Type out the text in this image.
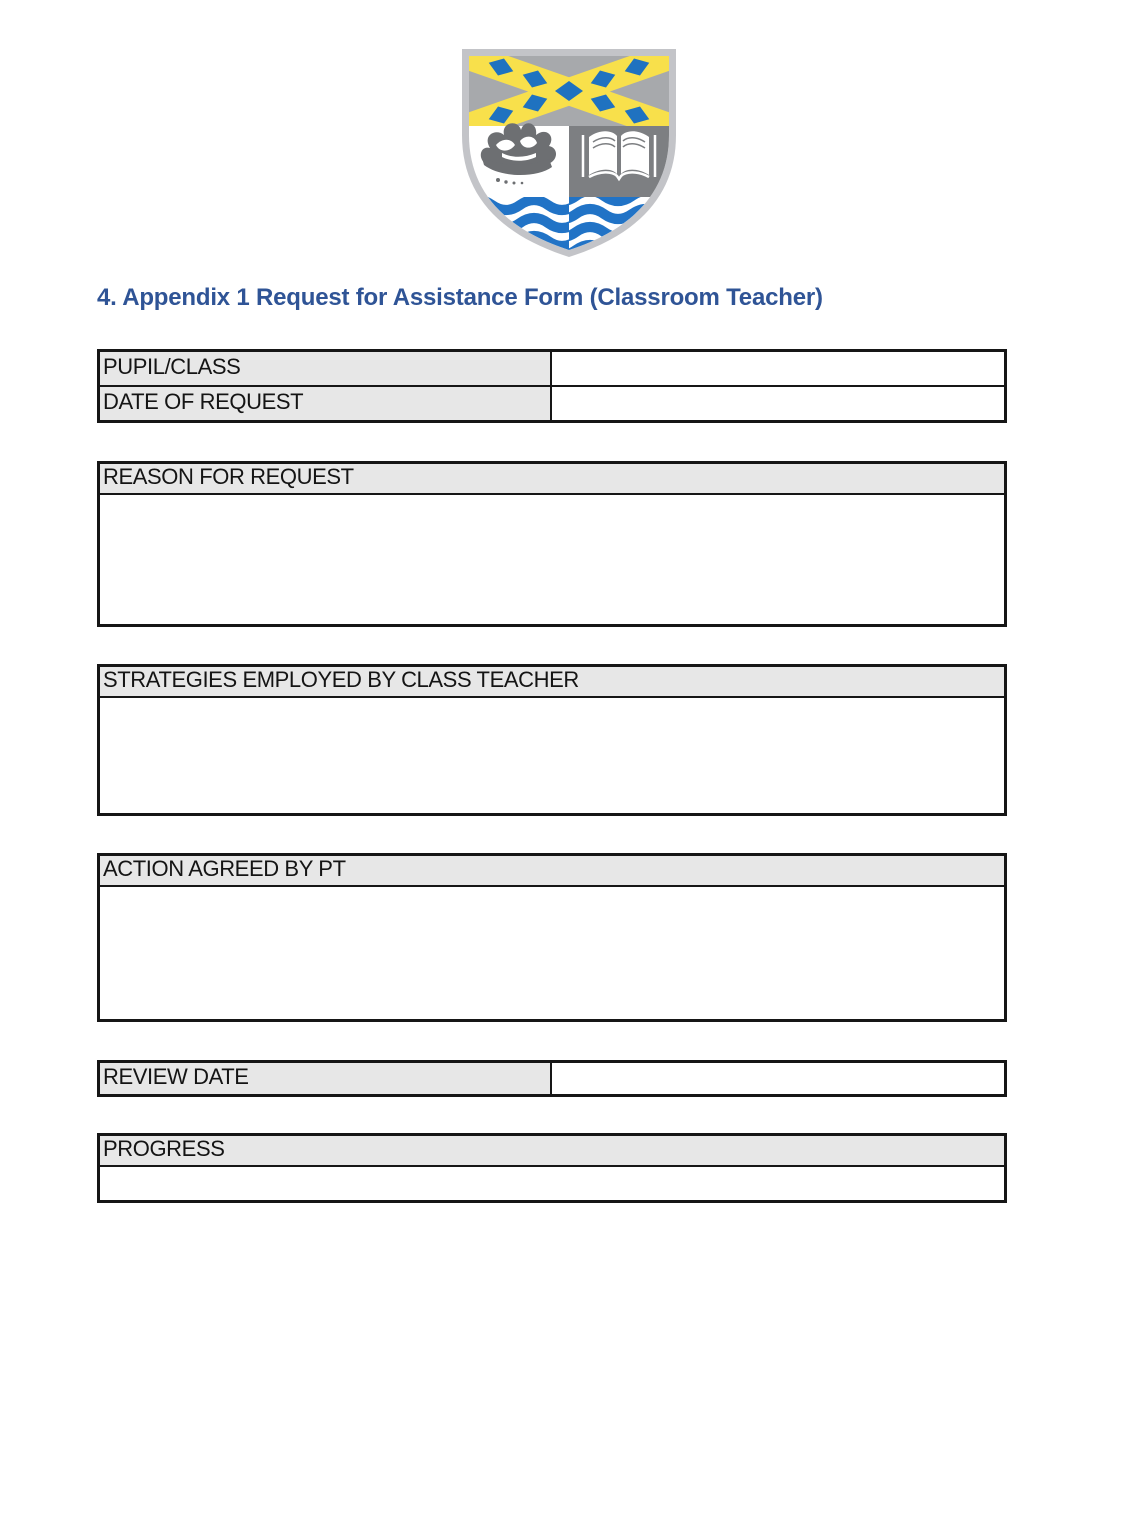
4. Appendix 1 Request for Assistance Form (Classroom Teacher)
PUPIL/CLASS
DATE OF REQUEST
REASON FOR REQUEST
STRATEGIES EMPLOYED BY CLASS TEACHER
ACTION AGREED BY PT
REVIEW DATE
PROGRESS
